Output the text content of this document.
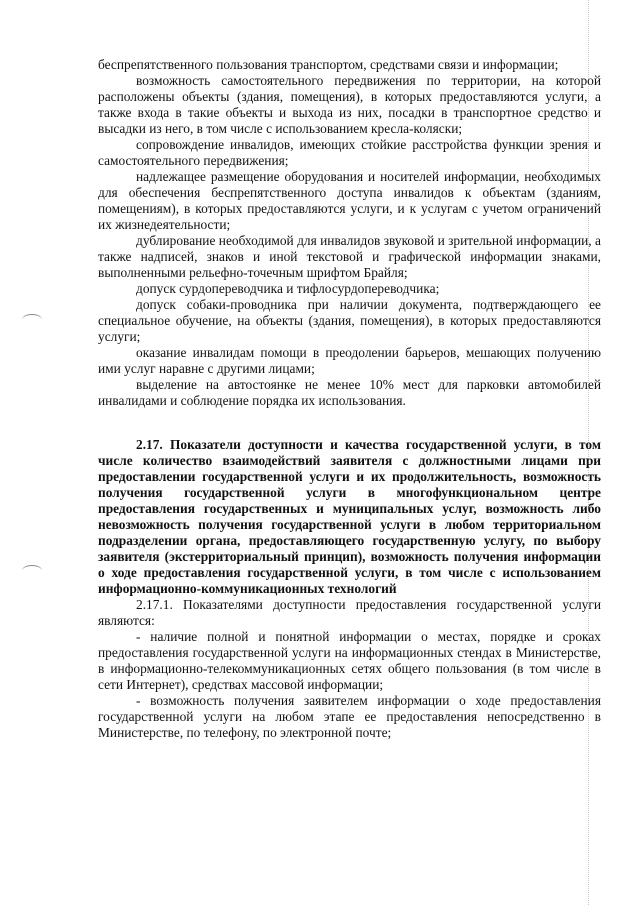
беспрепятственного пользования транспортом, средствами связи и информации;

возможность самостоятельного передвижения по территории, на которой расположены объекты (здания, помещения), в которых предоставляются услуги, а также входа в такие объекты и выхода из них, посадки в транспортное средство и высадки из него, в том числе с использованием кресла-коляски;

сопровождение инвалидов, имеющих стойкие расстройства функции зрения и самостоятельного передвижения;

надлежащее размещение оборудования и носителей информации, необходимых для обеспечения беспрепятственного доступа инвалидов к объектам (зданиям, помещениям), в которых предоставляются услуги, и к услугам с учетом ограничений их жизнедеятельности;

дублирование необходимой для инвалидов звуковой и зрительной информации, а также надписей, знаков и иной текстовой и графической информации знаками, выполненными рельефно-точечным шрифтом Брайля;

допуск сурдопереводчика и тифлосурдопереводчика;

допуск собаки-проводника при наличии документа, подтверждающего ее специальное обучение, на объекты (здания, помещения), в которых предоставляются услуги;

оказание инвалидам помощи в преодолении барьеров, мешающих получению ими услуг наравне с другими лицами;

выделение на автостоянке не менее 10% мест для парковки автомобилей инвалидами и соблюдение порядка их использования.

2.17. Показатели доступности и качества государственной услуги, в том числе количество взаимодействий заявителя с должностными лицами при предоставлении государственной услуги и их продолжительность, возможность получения государственной услуги в многофункциональном центре предоставления государственных и муниципальных услуг, возможность либо невозможность получения государственной услуги в любом территориальном подразделении органа, предоставляющего государственную услугу, по выбору заявителя (экстерриториальный принцип), возможность получения информации о ходе предоставления государственной услуги, в том числе с использованием информационно-коммуникационных технологий

2.17.1. Показателями доступности предоставления государственной услуги являются:

- наличие полной и понятной информации о местах, порядке и сроках предоставления государственной услуги на информационных стендах в Министерстве, в информационно-телекоммуникационных сетях общего пользования (в том числе в сети Интернет), средствах массовой информации;

- возможность получения заявителем информации о ходе предоставления государственной услуги на любом этапе ее предоставления непосредственно в Министерстве, по телефону, по электронной почте;
